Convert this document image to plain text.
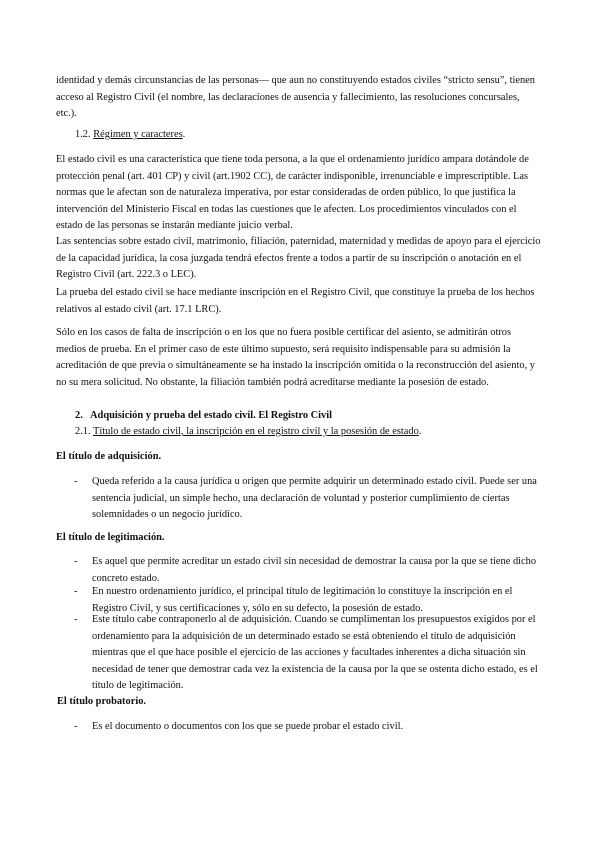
identidad y demás circunstancias de las personas— que aun no constituyendo estados civiles “stricto sensu”, tienen acceso al Registro Civil (el nombre, las declaraciones de ausencia y fallecimiento, las resoluciones concursales, etc.).

1.2. Régimen y caracteres.

El estado civil es una característica que tiene toda persona, a la que el ordenamiento jurídico ampara dotándole de protección penal (art. 401 CP) y civil (art.1902 CC), de carácter indisponible, irrenunciable e imprescriptible. Las normas que le afectan son de naturaleza imperativa, por estar consideradas de orden público, lo que justifica la intervención del Ministerio Fiscal en todas las cuestiones que le afecten. Los procedimientos vinculados con el estado de las personas se instarán mediante juicio verbal.

Las sentencias sobre estado civil, matrimonio, filiación, paternidad, maternidad y medidas de apoyo para el ejercicio de la capacidad jurídica, la cosa juzgada tendrá efectos frente a todos a partir de su inscripción o anotación en el Registro Civil (art. 222.3 o LEC).

La prueba del estado civil se hace mediante inscripción en el Registro Civil, que constituye la prueba de los hechos relativos al estado civil (art. 17.1 LRC).

Sólo en los casos de falta de inscripción o en los que no fuera posible certificar del asiento, se admitirán otros medios de prueba. En el primer caso de este último supuesto, será requisito indispensable para su admisión la acreditación de que previa o simultáneamente se ha instado la inscripción omitida o la reconstrucción del asiento, y no su mera solicitud. No obstante, la filiación también podrá acreditarse mediante la posesión de estado.

2. Adquisición y prueba del estado civil. El Registro Civil

2.1. Título de estado civil, la inscripción en el registro civil y la posesión de estado.

El título de adquisición.

- Queda referido a la causa jurídica u origen que permite adquirir un determinado estado civil. Puede ser una sentencia judicial, un simple hecho, una declaración de voluntad y posterior cumplimiento de ciertas solemnidades o un negocio jurídico.

El título de legitimación.

- Es aquel que permite acreditar un estado civil sin necesidad de demostrar la causa por la que se tiene dicho concreto estado.

- En nuestro ordenamiento jurídico, el principal título de legitimación lo constituye la inscripción en el Registro Civil, y sus certificaciones y, sólo en su defecto, la posesión de estado.

- Este título cabe contraponerlo al de adquisición. Cuando se cumplimentan los presupuestos exigidos por el ordenamiento para la adquisición de un determinado estado se está obteniendo el título de adquisición mientras que el que hace posible el ejercicio de las acciones y facultades inherentes a dicha situación sin necesidad de tener que demostrar cada vez la existencia de la causa por la que se ostenta dicho estado, es el título de legitimación.

El título probatorio.

- Es el documento o documentos con los que se puede probar el estado civil.
